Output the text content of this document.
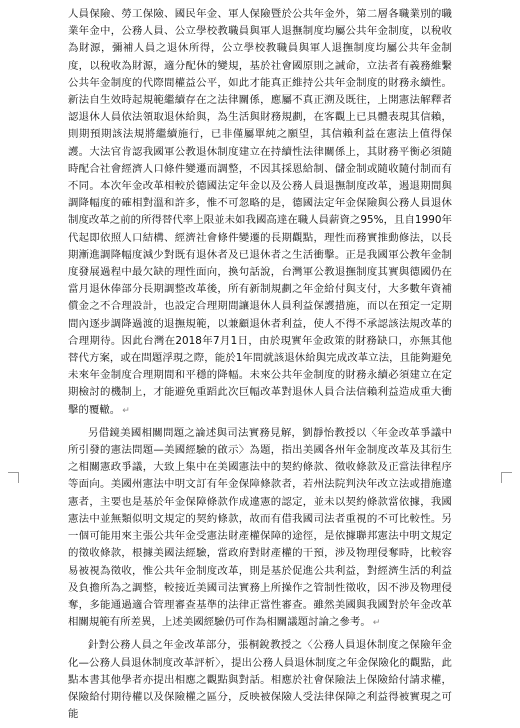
人員保險、勞工保險、國民年金、軍人保險暨於公共年金外，第二層各職業別的職業年金中，公務人員、公立學校教職員與軍人退撫制度均屬公共年金制度，以稅收為財源，彌補人員之退休所得，公立學校教職員與軍人退撫制度均屬公共年金制度，以稅收為財源，適分配休的變規，基於社會國原則之誡命，立法者有義務維繫公共年金制度的代際間權益公平，如此才能真正維持公共年金制度的財務永續性。新法自生效時起規範繼續存在之法律關係，應屬不真正溯及既往，上開憲法解釋者認退休人員依法領取退休給與，為生活與財務規劃，在客觀上已具體表現其信賴，則期預期該法規將繼續施行，已非僅屬單純之願望，其信賴利益在憲法上值得保護。大法官肯認我國軍公教退休制度建立在持續性法律關係上，其財務平衡必須隨時配合社會經濟人口條件變遷而調整，不因其採恩給制、儲金制或隨收隨付制而有不同。本次年金改革相較於德國法定年金以及公務人員退撫制度改革，遏退期間與調降幅度的確相對溫和許多，惟不可忽略的是，德國法定年金保險與公務人員退休制度改革之前的所得替代率上限並未如我國高達在職人員薪資之95%，且自1990年代起即依照人口結構、經濟社會條件變遷的長期觀點，理性而務實推動修法，以長期漸進調降幅度減少對既有退休者及已退休者之生活衝擊。正是我國軍公教年金制度發展過程中最欠缺的理性面向，換句話說，台灣軍公教退撫制度其實與德國仍在當月退休俸部分長期調整改革後，所有新制規劃之年金給付與支付，大多數年資補償金之不合理設計，也設定合理期間讓退休人員利益保護措施，而以在預定一定期間內逐步調降過渡的退撫規範，以兼顧退休者利益，使人不得不承認該法規改革的合理期待。因此台灣在2018年7月1日，由於現實年金政策的財務缺口，亦無其他替代方案，或在問題浮現之際，能於1年間就該退休給與完成改革立法，且能夠避免未來年金制度合理期間和平穩的降幅。未來公共年金制度的財務永續必須建立在定期檢討的機制上，才能避免重蹈此次巨幅改革對退休人員合法信賴利益造成重大衝擊的覆轍。 ↵

另借鏡美國相關問題之論述與司法實務見解，劉靜怡教授以〈年金改革爭議中所引發的憲法問題—美國經驗的啟示〉為題，指出美國各州年金制度改革及其衍生之相關憲政爭議，大致上集中在美國憲法中的契約條款、徵收條款及正當法律程序等面向。美國州憲法中明文訂有年金保障條款者，若州法院判決年改立法或措施違憲者，主要也是基於年金保障條款作成違憲的認定，並未以契約條款當依據，我國憲法中並無類似明文規定的契約條款，故而有借我國司法者重視的不可比較性。另一個可能用來主張公共年金受憲法財產權保障的途徑，是依據聯邦憲法中明文規定的徵收條款，根據美國法經驗，當政府對財產權的干預，涉及物理侵奪時，比較容易被視為徵收，惟公共年金制度改革，則是基於促進公共利益，對經濟生活的利益及負擔所為之調整，較接近美國司法實務上所操作之管制性徵收，因不涉及物理侵奪，多能通過適合管理審查基準的法律正當性審查。雖然美國與我國對於年金改革相關規範有所差異，上述美國經驗仍可作為相關議題討論之參考。 ↵

針對公務人員之年金改革部分，張桐銳教授之〈公務人員退休制度之保險年金化—公務人員退休制度改革評析〉，提出公務人員退休制度之年金保險化的觀點，此點本書其他學者亦提出相應之觀點與對話。相應於社會保險法上保險給付請求權，保險給付期待權以及保險權之區分，反映被保險人受法律保障之利益得被實現之可能
